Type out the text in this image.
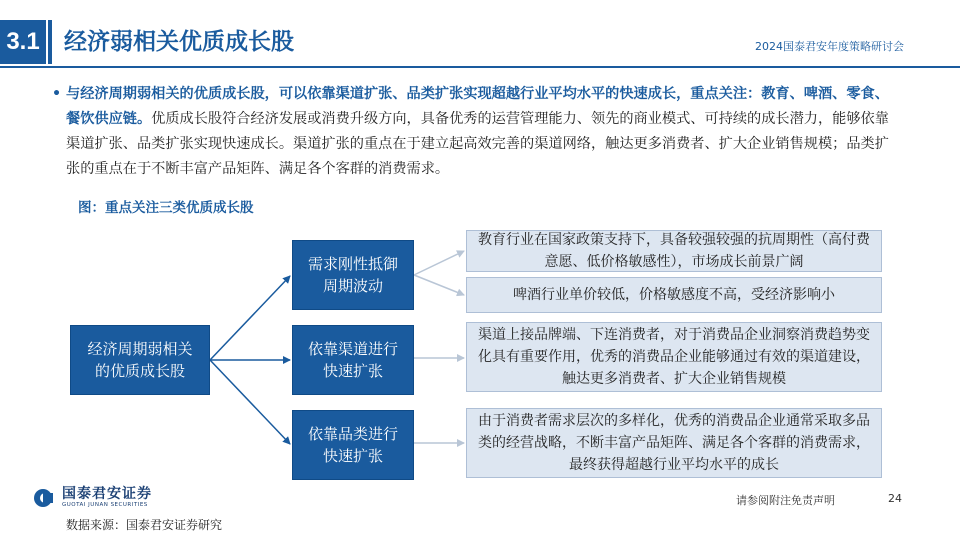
3.1 经济弱相关优质成长股	2024国泰君安年度策略研讨会
• 与经济周期弱相关的优质成长股，可以依靠渠道扩张、品类扩张实现超越行业平均水平的快速成长，重点关注：教育、啤酒、零食、餐饮供应链。优质成长股符合经济发展或消费升级方向，具备优秀的运营管理能力、领先的商业模式、可持续的成长潜力，能够依靠渠道扩张、品类扩张实现快速成长。渠道扩张的重点在于建立起高效完善的渠道网络，触达更多消费者、扩大企业销售规模；品类扩张的重点在于不断丰富产品矩阵、满足各个客群的消费需求。
图：重点关注三类优质成长股
经济周期弱相关的优质成长股
需求刚性抵御周期波动
依靠渠道进行快速扩张
依靠品类进行快速扩张
教育行业在国家政策支持下，具备较强较强的抗周期性（高付费意愿、低价格敏感性），市场成长前景广阔
啤酒行业单价较低，价格敏感度不高，受经济影响小
渠道上接品牌端、下连消费者，对于消费品企业洞察消费趋势变化具有重要作用，优秀的消费品企业能够通过有效的渠道建设，触达更多消费者、扩大企业销售规模
由于消费者需求层次的多样化，优秀的消费品企业通常采取多品类的经营战略，不断丰富产品矩阵、满足各个客群的消费需求，最终获得超越行业平均水平的成长
国泰君安证券
GUOTAI JUNAN SECURITIES	请参阅附注免责声明	24
数据来源：国泰君安证券研究
